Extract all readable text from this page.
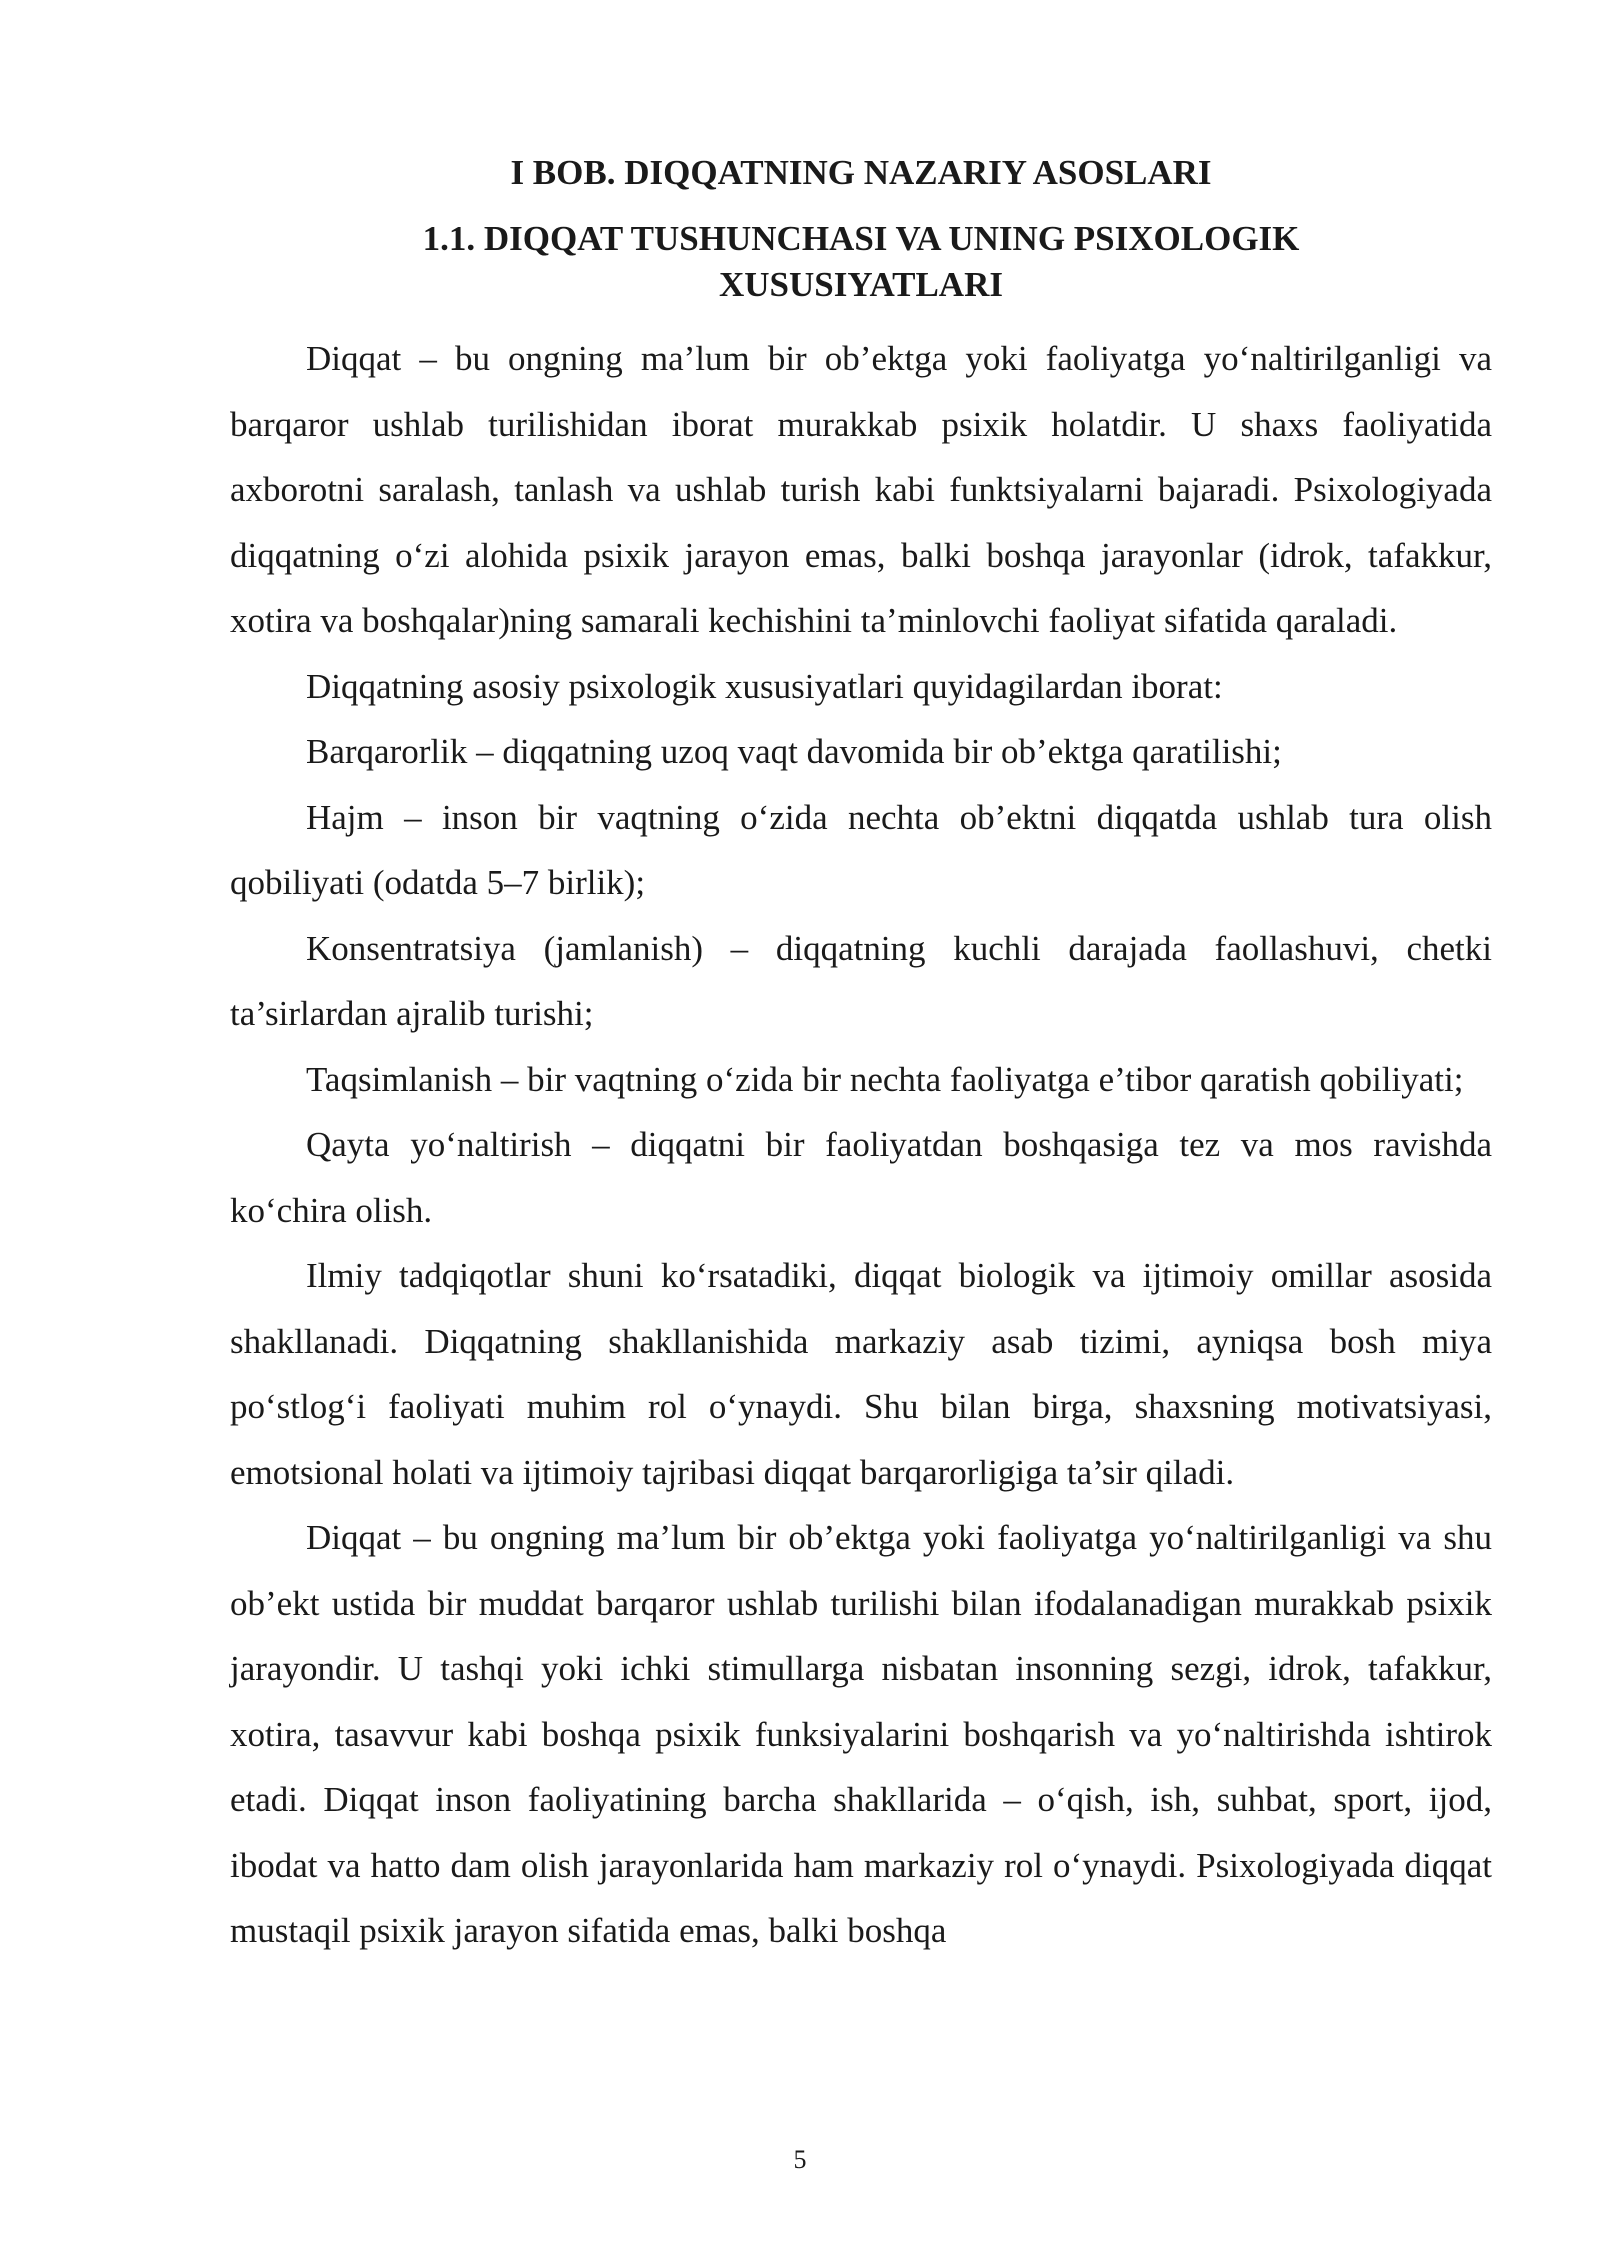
I BOB. DIQQATNING NAZARIY ASOSLARI
1.1. DIQQAT TUSHUNCHASI VA UNING PSIXOLOGIK XUSUSIYATLARI

Diqqat – bu ongning ma’lum bir ob’ektga yoki faoliyatga yo‘naltirilganligi va barqaror ushlab turilishidan iborat murakkab psixik holatdir. U shaxs faoliyatida axborotni saralash, tanlash va ushlab turish kabi funktsiyalarni bajaradi. Psixologiyada diqqatning o‘zi alohida psixik jarayon emas, balki boshqa jarayonlar (idrok, tafakkur, xotira va boshqalar)ning samarali kechishini ta’minlovchi faoliyat sifatida qaraladi.

Diqqatning asosiy psixologik xususiyatlari quyidagilardan iborat:

Barqarorlik – diqqatning uzoq vaqt davomida bir ob’ektga qaratilishi;

Hajm – inson bir vaqtning o‘zida nechta ob’ektni diqqatda ushlab tura olish qobiliyati (odatda 5–7 birlik);

Konsentratsiya (jamlanish) – diqqatning kuchli darajada faollashuvi, chetki ta’sirlardan ajralib turishi;

Taqsimlanish – bir vaqtning o‘zida bir nechta faoliyatga e’tibor qaratish qobiliyati;

Qayta yo‘naltirish – diqqatni bir faoliyatdan boshqasiga tez va mos ravishda ko‘chira olish.

Ilmiy tadqiqotlar shuni ko‘rsatadiki, diqqat biologik va ijtimoiy omillar asosida shakllanadi. Diqqatning shakllanishida markaziy asab tizimi, ayniqsa bosh miya po‘stlog‘i faoliyati muhim rol o‘ynaydi. Shu bilan birga, shaxsning motivatsiyasi, emotsional holati va ijtimoiy tajribasi diqqat barqarorligiga ta’sir qiladi.

Diqqat – bu ongning ma’lum bir ob’ektga yoki faoliyatga yo‘naltirilganligi va shu ob’ekt ustida bir muddat barqaror ushlab turilishi bilan ifodalanadigan murakkab psixik jarayondir. U tashqi yoki ichki stimullarga nisbatan insonning sezgi, idrok, tafakkur, xotira, tasavvur kabi boshqa psixik funksiyalarini boshqarish va yo‘naltirishda ishtirok etadi. Diqqat inson faoliyatining barcha shakllarida – o‘qish, ish, suhbat, sport, ijod, ibodat va hatto dam olish jarayonlarida ham markaziy rol o‘ynaydi. Psixologiyada diqqat mustaqil psixik jarayon sifatida emas, balki boshqa

5
